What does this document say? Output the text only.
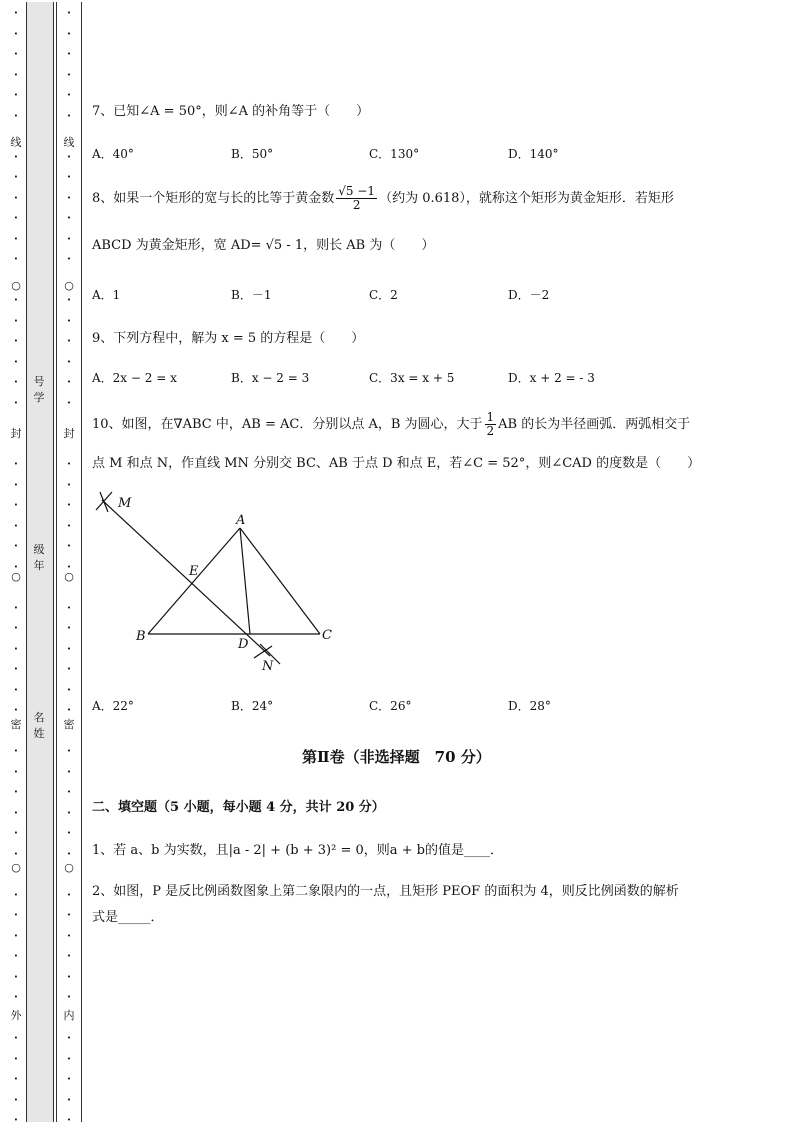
•
•
•
•
•
•
•
•
•
•
•
•
•
•
•
•
•
•
•
•
•
•
•
•
•
•
•
•
•
•
•
•
•
•
•
•
•
•
•
•
•
•
•
•
•
•
•
•
•
•
•
•
•
•
•
•
•
•
•
•
•
•
•
•
•
•
•
•
•
•
•
•
•
•
•
•
•
•
•
•
•
•
•
•
•
•
•
•
•
•
•
•
•
•
线
○
封
○
密
○
外
线
○
封
○
密
○
内
号学
级年
名姓
7、已知∠A = 50°，则∠A 的补角等于（　　）
A．40°	B．50°	C．130°	D．140°
8、如果一个矩形的宽与长的比等于黄金数 $\frac{√5 -1}{2}$ （约为 0.618），就称这个矩形为黄金矩形．若矩形
ABCD 为黄金矩形，宽 AD= √5 - 1，则长 AB 为（　　）
A．1	B．－1	C．2	D．－2
9、下列方程中，解为 x = 5 的方程是（　　）
A．2x − 2 = x	B．x − 2 = 3	C．3x = x + 5	D．x + 2 = - 3
10、如图，在∇ABC 中，AB = AC．分别以点 A，B 为圆心，大于 $\frac{1}{2}$ AB 的长为半径画弧．两弧相交于
点 M 和点 N，作直线 MN 分别交 BC、AB 于点 D 和点 E，若∠C = 52°，则∠CAD 的度数是（　　）
M
A
E
B
D
C
N
A．22°	B．24°	C．26°	D．28°
第Ⅱ卷（非选择题　70 分）
二、填空题（5 小题，每小题 4 分，共计 20 分）
1、若 a、b 为实数，且|a - 2| + (b + 3)² = 0，则a + b的值是____．
2、如图，P 是反比例函数图象上第二象限内的一点，且矩形 PEOF 的面积为 4，则反比例函数的解析
式是_____．
